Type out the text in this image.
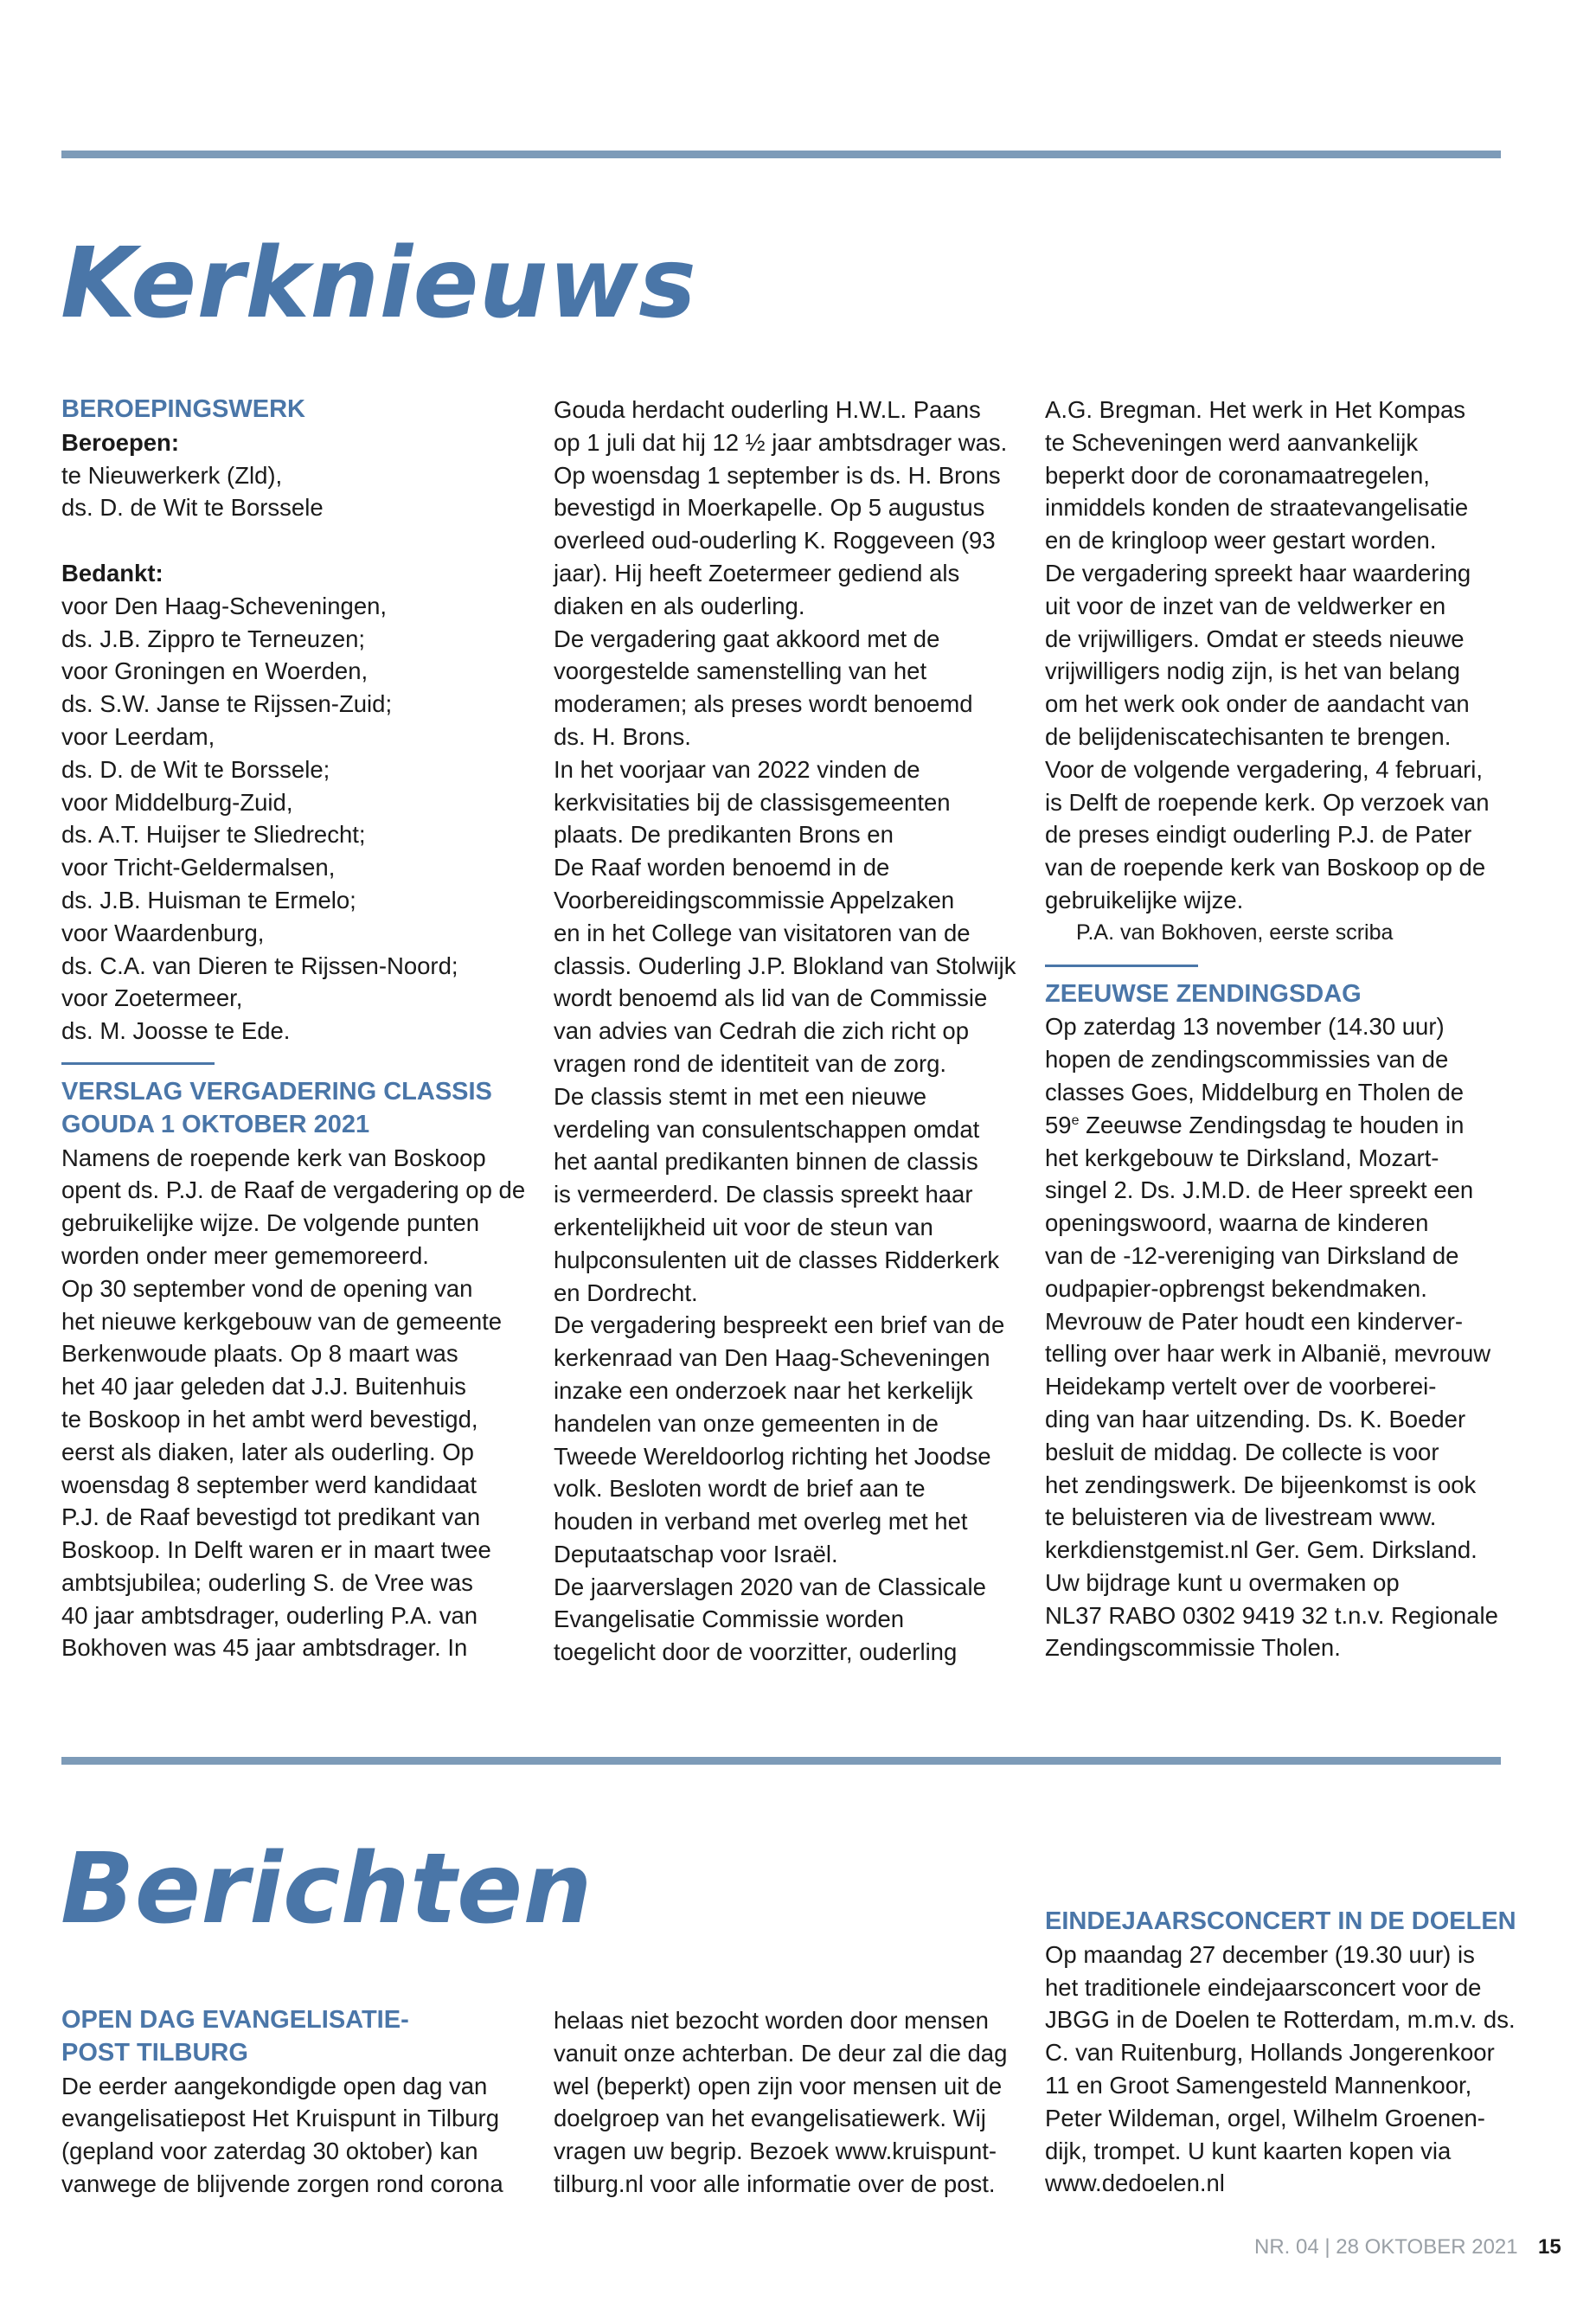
Kerknieuws

BEROEPINGSWERK

Beroepen:

te Nieuwerkerk (Zld),

ds. D. de Wit te Borssele

Bedankt:

voor Den Haag-Scheveningen,

ds. J.B. Zippro te Terneuzen;

voor Groningen en Woerden,

ds. S.W. Janse te Rijssen-Zuid;

voor Leerdam,

ds. D. de Wit te Borssele;

voor Middelburg-Zuid,

ds. A.T. Huijser te Sliedrecht;

voor Tricht-Geldermalsen,

ds. J.B. Huisman te Ermelo;

voor Waardenburg,

ds. C.A. van Dieren te Rijssen-Noord;

voor Zoetermeer,

ds. M. Joosse te Ede.

VERSLAG VERGADERING CLASSIS

GOUDA 1 OKTOBER 2021

Namens de roepende kerk van Boskoop

opent ds. P.J. de Raaf de vergadering op de

gebruikelijke wijze. De volgende punten

worden onder meer gememoreerd.

Op 30 september vond de opening van

het nieuwe kerkgebouw van de gemeente

Berkenwoude plaats. Op 8 maart was

het 40 jaar geleden dat J.J. Buitenhuis

te Boskoop in het ambt werd bevestigd,

eerst als diaken, later als ouderling. Op

woensdag 8 september werd kandidaat

P.J. de Raaf bevestigd tot predikant van

Boskoop. In Delft waren er in maart twee

ambtsjubilea; ouderling S. de Vree was

40 jaar ambtsdrager, ouderling P.A. van

Bokhoven was 45 jaar ambtsdrager. In

Gouda herdacht ouderling H.W.L. Paans

op 1 juli dat hij 12 ½ jaar ambtsdrager was.

Op woensdag 1 september is ds. H. Brons

bevestigd in Moerkapelle. Op 5 augustus

overleed oud-ouderling K. Roggeveen (93

jaar). Hij heeft Zoetermeer gediend als

diaken en als ouderling.

De vergadering gaat akkoord met de

voorgestelde samenstelling van het

moderamen; als preses wordt benoemd

ds. H. Brons.

In het voorjaar van 2022 vinden de

kerkvisitaties bij de classisgemeenten

plaats. De predikanten Brons en

De Raaf worden benoemd in de

Voorbereidingscommissie Appelzaken

en in het College van visitatoren van de

classis. Ouderling J.P. Blokland van Stolwijk

wordt benoemd als lid van de Commissie

van advies van Cedrah die zich richt op

vragen rond de identiteit van de zorg.

De classis stemt in met een nieuwe

verdeling van consulentschappen omdat

het aantal predikanten binnen de classis

is vermeerderd. De classis spreekt haar

erkentelijkheid uit voor de steun van

hulpconsulenten uit de classes Ridderkerk

en Dordrecht.

De vergadering bespreekt een brief van de

kerkenraad van Den Haag-Scheveningen

inzake een onderzoek naar het kerkelijk

handelen van onze gemeenten in de

Tweede Wereldoorlog richting het Joodse

volk. Besloten wordt de brief aan te

houden in verband met overleg met het

Deputaatschap voor Israël.

De jaarverslagen 2020 van de Classicale

Evangelisatie Commissie worden

toegelicht door de voorzitter, ouderling

A.G. Bregman. Het werk in Het Kompas

te Scheveningen werd aanvankelijk

beperkt door de coronamaatregelen,

inmiddels konden de straatevangelisatie

en de kringloop weer gestart worden.

De vergadering spreekt haar waardering

uit voor de inzet van de veldwerker en

de vrijwilligers. Omdat er steeds nieuwe

vrijwilligers nodig zijn, is het van belang

om het werk ook onder de aandacht van

de belijdeniscatechisanten te brengen.

Voor de volgende vergadering, 4 februari,

is Delft de roepende kerk. Op verzoek van

de preses eindigt ouderling P.J. de Pater

van de roepende kerk van Boskoop op de

gebruikelijke wijze.

P.A. van Bokhoven, eerste scriba

ZEEUWSE ZENDINGSDAG

Op zaterdag 13 november (14.30 uur)

hopen de zendingscommissies van de

classes Goes, Middelburg en Tholen de

59e Zeeuwse Zendingsdag te houden in

het kerkgebouw te Dirksland, Mozart-

singel 2. Ds. J.M.D. de Heer spreekt een

openingswoord, waarna de kinderen

van de -12-vereniging van Dirksland de

oudpapier-opbrengst bekendmaken.

Mevrouw de Pater houdt een kinderver-

telling over haar werk in Albanië, mevrouw

Heidekamp vertelt over de voorberei-

ding van haar uitzending. Ds. K. Boeder

besluit de middag. De collecte is voor

het zendingswerk. De bijeenkomst is ook

te beluisteren via de livestream www.

kerkdienstgemist.nl Ger. Gem. Dirksland.

Uw bijdrage kunt u overmaken op

NL37 RABO 0302 9419 32 t.n.v. Regionale

Zendingscommissie Tholen.

Berichten

OPEN DAG EVANGELISATIE-

POST TILBURG

De eerder aangekondigde open dag van

evangelisatiepost Het Kruispunt in Tilburg

(gepland voor zaterdag 30 oktober) kan

vanwege de blijvende zorgen rond corona

helaas niet bezocht worden door mensen

vanuit onze achterban. De deur zal die dag

wel (beperkt) open zijn voor mensen uit de

doelgroep van het evangelisatiewerk. Wij

vragen uw begrip. Bezoek www.kruispunt-

tilburg.nl voor alle informatie over de post.

EINDEJAARSCONCERT IN DE DOELEN

Op maandag 27 december (19.30 uur) is

het traditionele eindejaarsconcert voor de

JBGG in de Doelen te Rotterdam, m.m.v. ds.

C. van Ruitenburg, Hollands Jongerenkoor

11 en Groot Samengesteld Mannenkoor,

Peter Wildeman, orgel, Wilhelm Groenen-

dijk, trompet. U kunt kaarten kopen via

www.dedoelen.nl

NR. 04 | 28 OKTOBER 2021 15
